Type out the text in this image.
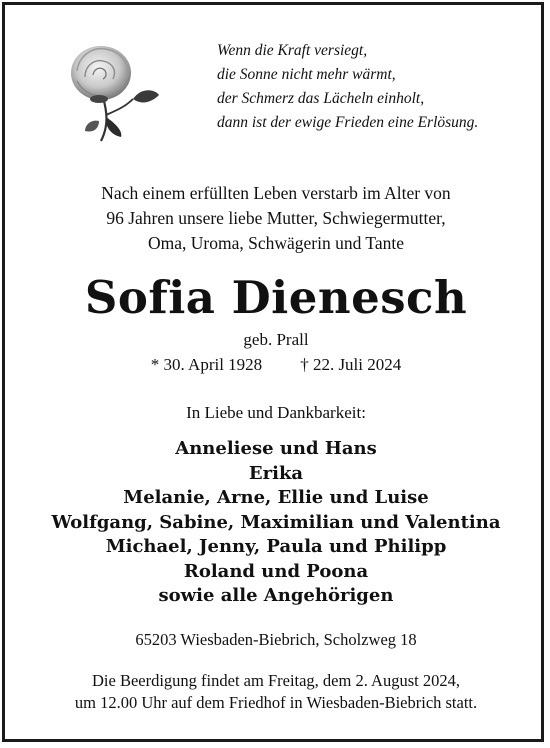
Wenn die Kraft versiegt,
die Sonne nicht mehr wärmt,
der Schmerz das Lächeln einholt,
dann ist der ewige Frieden eine Erlösung.
Nach einem erfüllten Leben verstarb im Alter von
96 Jahren unsere liebe Mutter, Schwiegermutter,
Oma, Uroma, Schwägerin und Tante
Sofia Dienesch
geb. Prall
* 30. April 1928 † 22. Juli 2024
In Liebe und Dankbarkeit:
Anneliese und Hans
Erika
Melanie, Arne, Ellie und Luise
Wolfgang, Sabine, Maximilian und Valentina
Michael, Jenny, Paula und Philipp
Roland und Poona
sowie alle Angehörigen
65203 Wiesbaden-Biebrich, Scholzweg 18
Die Beerdigung findet am Freitag, dem 2. August 2024,
um 12.00 Uhr auf dem Friedhof in Wiesbaden-Biebrich statt.
